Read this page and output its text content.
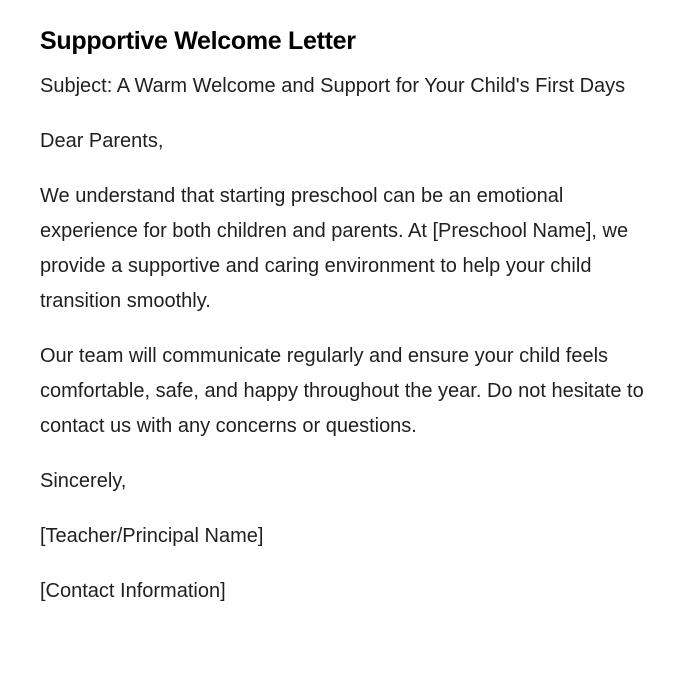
Supportive Welcome Letter

Subject: A Warm Welcome and Support for Your Child's First Days

Dear Parents,

We understand that starting preschool can be an emotional experience for both children and parents. At [Preschool Name], we provide a supportive and caring environment to help your child transition smoothly.

Our team will communicate regularly and ensure your child feels comfortable, safe, and happy throughout the year. Do not hesitate to contact us with any concerns or questions.

Sincerely,

[Teacher/Principal Name]

[Contact Information]
